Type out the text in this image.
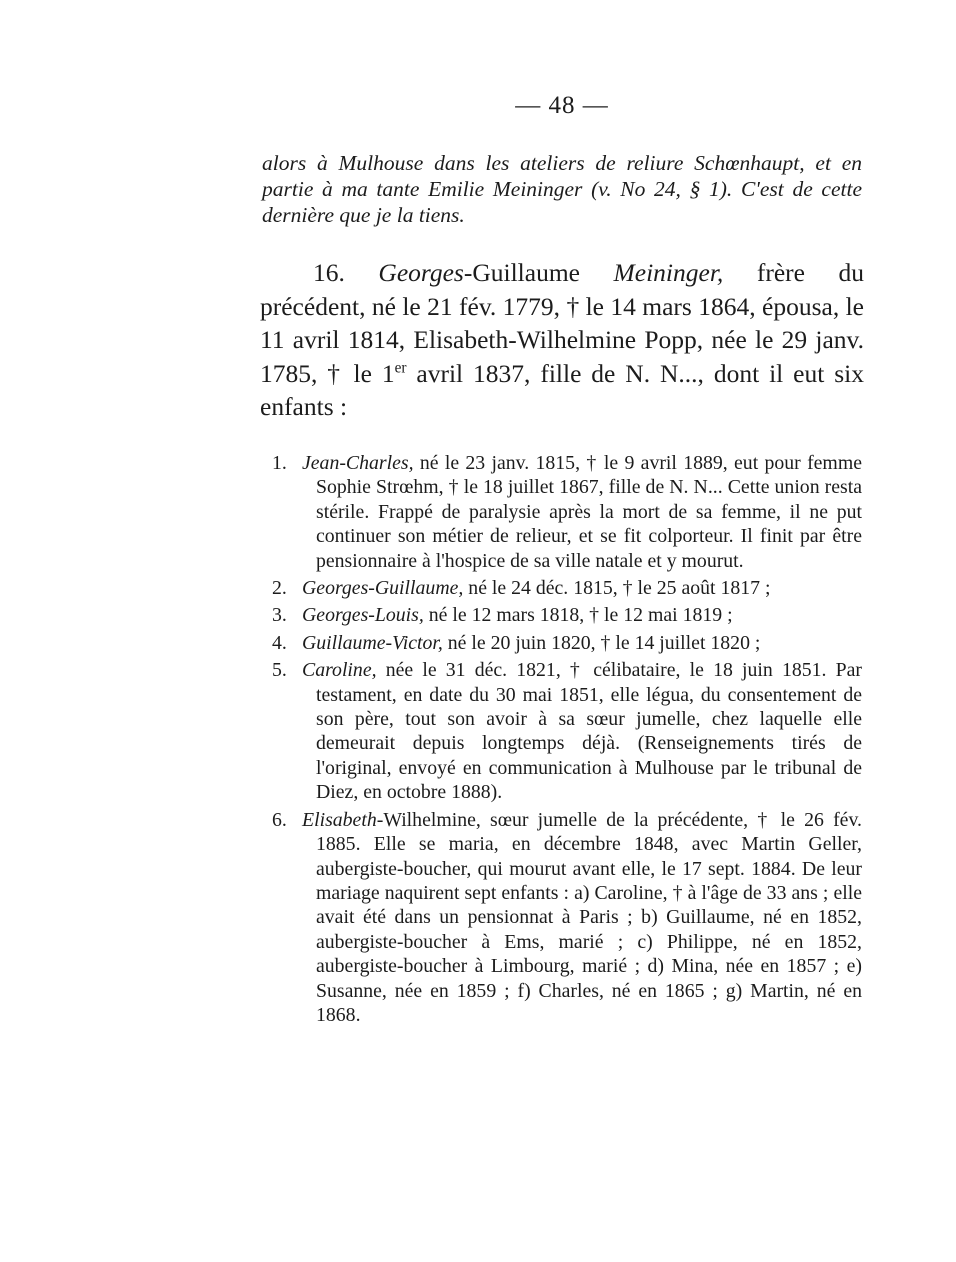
— 48 —
alors à Mulhouse dans les ateliers de reliure Schœnhaupt, et en partie à ma tante Emilie Meininger (v. No 24, § 1). C'est de cette dernière que je la tiens.
16. Georges-Guillaume Meininger, frère du précédent, né le 21 fév. 1779, † le 14 mars 1864, épousa, le 11 avril 1814, Elisabeth-Wilhelmine Popp, née le 29 janv. 1785, † le 1er avril 1837, fille de N. N..., dont il eut six enfants :
1. Jean-Charles, né le 23 janv. 1815, † le 9 avril 1889, eut pour femme Sophie Strœhm, † le 18 juillet 1867, fille de N. N... Cette union resta stérile. Frappé de paralysie après la mort de sa femme, il ne put continuer son métier de relieur, et se fit colporteur. Il finit par être pensionnaire à l'hospice de sa ville natale et y mourut.
2. Georges-Guillaume, né le 24 déc. 1815, † le 25 août 1817 ;
3. Georges-Louis, né le 12 mars 1818, † le 12 mai 1819 ;
4. Guillaume-Victor, né le 20 juin 1820, † le 14 juillet 1820 ;
5. Caroline, née le 31 déc. 1821, † célibataire, le 18 juin 1851. Par testament, en date du 30 mai 1851, elle légua, du consentement de son père, tout son avoir à sa sœur jumelle, chez laquelle elle demeurait depuis longtemps déjà. (Renseignements tirés de l'original, envoyé en communication à Mulhouse par le tribunal de Diez, en octobre 1888).
6. Elisabeth-Wilhelmine, sœur jumelle de la précédente, † le 26 fév. 1885. Elle se maria, en décembre 1848, avec Martin Geller, aubergiste-boucher, qui mourut avant elle, le 17 sept. 1884. De leur mariage naquirent sept enfants : a) Caroline, † à l'âge de 33 ans ; elle avait été dans un pensionnat à Paris ; b) Guillaume, né en 1852, aubergiste-boucher à Ems, marié ; c) Philippe, né en 1852, aubergiste-boucher à Limbourg, marié ; d) Mina, née en 1857 ; e) Susanne, née en 1859 ; f) Charles, né en 1865 ; g) Martin, né en 1868.
